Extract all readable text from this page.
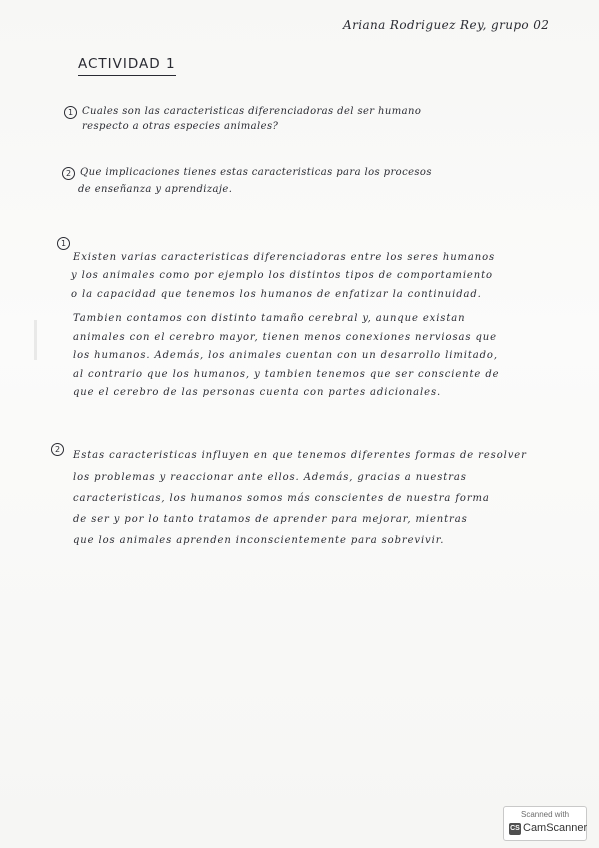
Ariana Rodriguez Rey, grupo 02
ACTIVIDAD 1
1 Cuales son las caracteristicas diferenciadoras del ser humano
respecto a otras especies animales?
2 Que implicaciones tienes estas caracteristicas para los procesos
de enseñanza y aprendizaje.
1
Existen varias caracteristicas diferenciadoras entre los seres humanos
y los animales como por ejemplo los distintos tipos de comportamiento
o la capacidad que tenemos los humanos de enfatizar la continuidad.
Tambien contamos con distinto tamaño cerebral y, aunque existan
animales con el cerebro mayor, tienen menos conexiones nerviosas que
los humanos. Además, los animales cuentan con un desarrollo limitado,
al contrario que los humanos, y tambien tenemos que ser consciente de
que el cerebro de las personas cuenta con partes adicionales.
2
Estas caracteristicas influyen en que tenemos diferentes formas de resolver
los problemas y reaccionar ante ellos. Además, gracias a nuestras
caracteristicas, los humanos somos más conscientes de nuestra forma
de ser y por lo tanto tratamos de aprender para mejorar, mientras
que los animales aprenden inconscientemente para sobrevivir.
Scanned with
CS CamScanner
